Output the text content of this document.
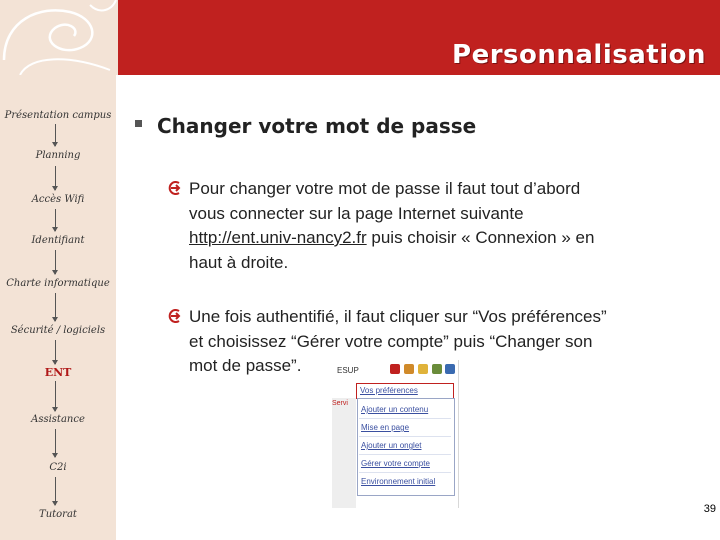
Personnalisation
Présentation campus
Planning
Accès Wifi
Identifiant
Charte informatique
Sécurité / logiciels
ENT
Assistance
C2i
Tutorat
Changer votre mot de passe
Pour changer votre mot de passe il faut tout d’abord
vous connecter sur la page Internet suivante
http://ent.univ-nancy2.fr puis choisir « Connexion » en
haut à droite.
Une fois authentifié, il faut cliquer sur “Vos préférences”
et choisissez “Gérer votre compte” puis “Changer son
mot de passe”.	ESUP
Servi
Vos préférences
Ajouter un contenu
Mise en page
Ajouter un onglet
Gérer votre compte
Environnement initial
39
